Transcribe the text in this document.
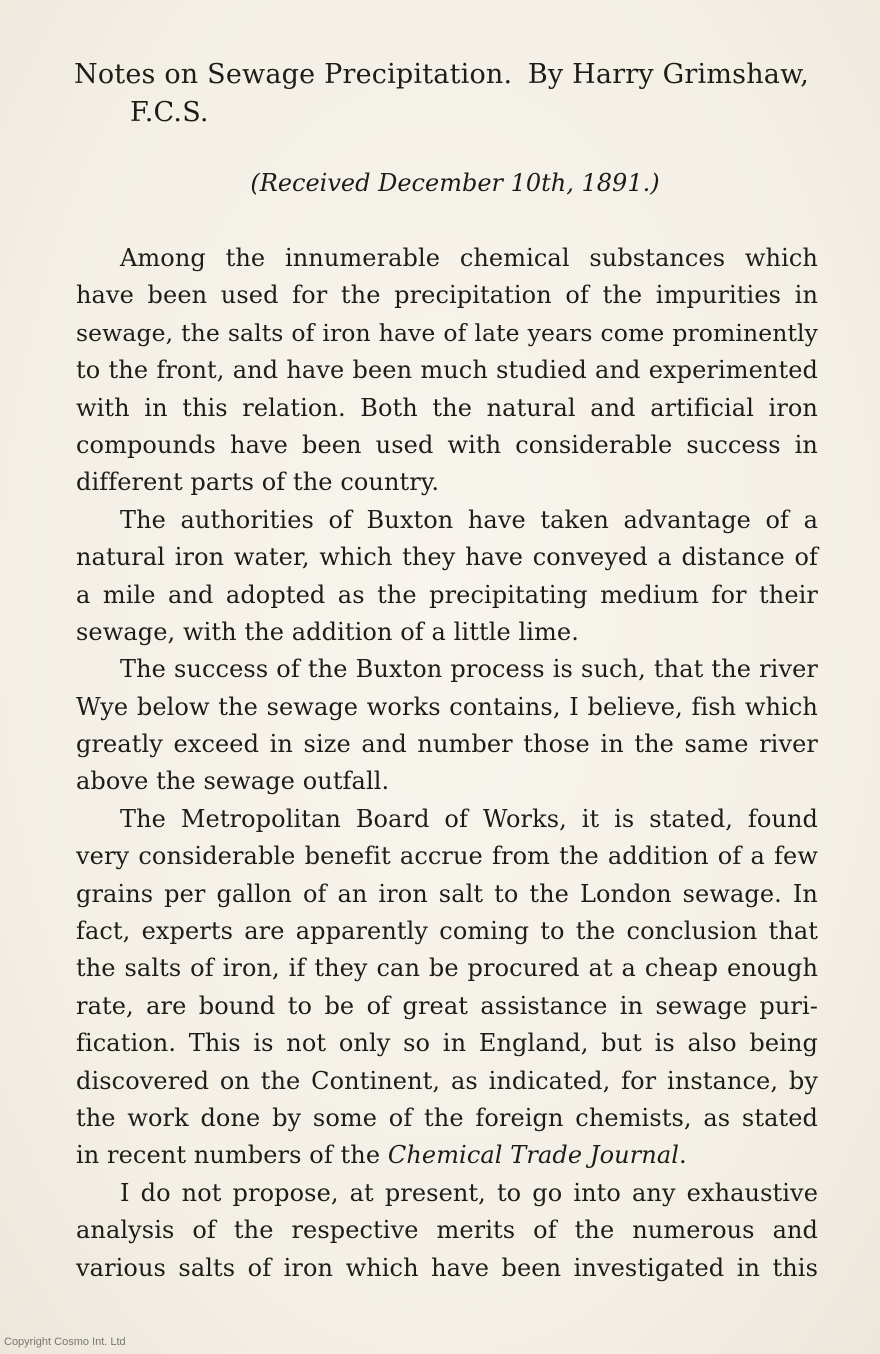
Notes on Sewage Precipitation. By Harry Grimshaw,
F.C.S.
(Received December 10th, 1891.)
Among the innumerable chemical substances which
have been used for the precipitation of the impurities in
sewage, the salts of iron have of late years come prominently
to the front, and have been much studied and experimented
with in this relation. Both the natural and artificial iron
compounds have been used with considerable success in
different parts of the country.
The authorities of Buxton have taken advantage of a
natural iron water, which they have conveyed a distance of
a mile and adopted as the precipitating medium for their
sewage, with the addition of a little lime.
The success of the Buxton process is such, that the river
Wye below the sewage works contains, I believe, fish which
greatly exceed in size and number those in the same river
above the sewage outfall.
The Metropolitan Board of Works, it is stated, found
very considerable benefit accrue from the addition of a few
grains per gallon of an iron salt to the London sewage. In
fact, experts are apparently coming to the conclusion that
the salts of iron, if they can be procured at a cheap enough
rate, are bound to be of great assistance in sewage puri-
fication. This is not only so in England, but is also being
discovered on the Continent, as indicated, for instance, by
the work done by some of the foreign chemists, as stated
in recent numbers of the Chemical Trade Journal.
I do not propose, at present, to go into any exhaustive
analysis of the respective merits of the numerous and
various salts of iron which have been investigated in this
Copyright Cosmo Int. Ltd
